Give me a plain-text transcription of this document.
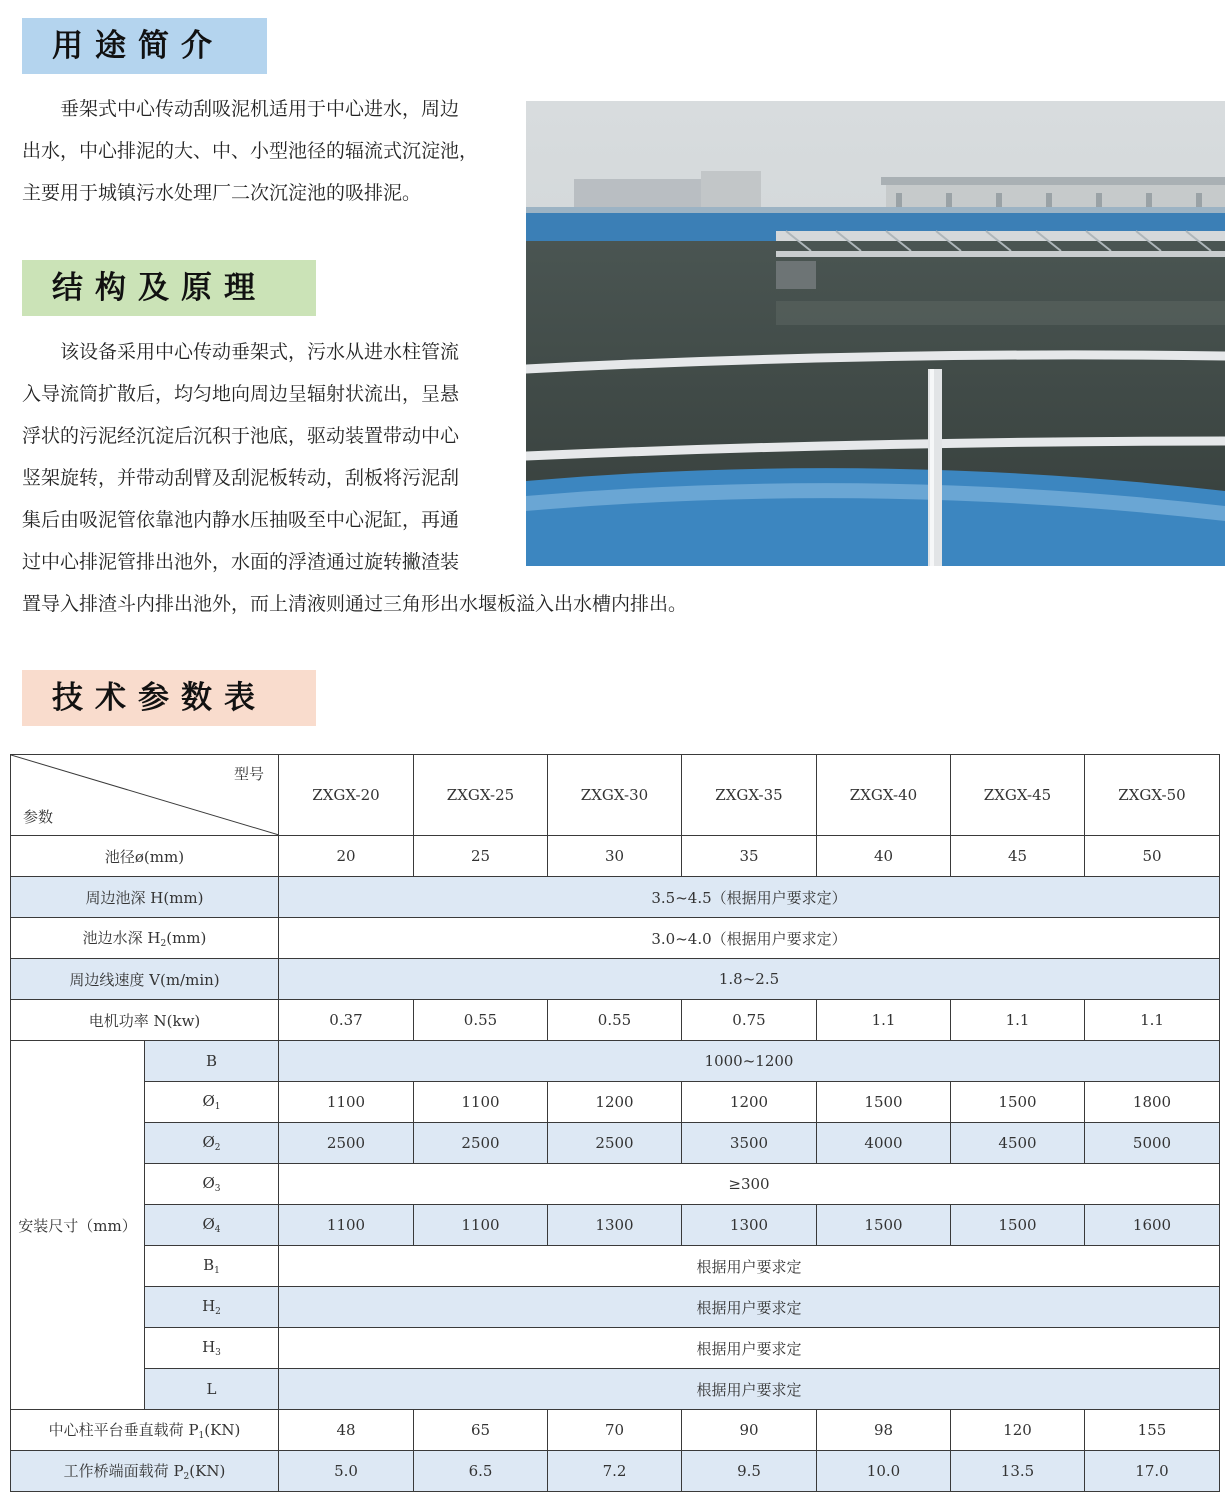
用途简介

　　垂架式中心传动刮吸泥机适用于中心进水，周边
出水，中心排泥的大、中、小型池径的辐流式沉淀池，
主要用于城镇污水处理厂二次沉淀池的吸排泥。

结构及原理

　　该设备采用中心传动垂架式，污水从进水柱管流
入导流筒扩散后，均匀地向周边呈辐射状流出，呈悬
浮状的污泥经沉淀后沉积于池底，驱动装置带动中心
竖架旋转，并带动刮臂及刮泥板转动，刮板将污泥刮
集后由吸泥管依靠池内静水压抽吸至中心泥缸，再通
过中心排泥管排出池外，水面的浮渣通过旋转撇渣装
置导入排渣斗内排出池外，而上清液则通过三角形出水堰板溢入出水槽内排出。

技术参数表
型号
参数		ZXGX-20	ZXGX-25	ZXGX-30	ZXGX-35	ZXGX-40	ZXGX-45	ZXGX-50
池径ø(mm)		20	25	30	35	40	45	50
周边池深 H(mm)		3.5~4.5（根据用户要求定）						
池边水深 $H_2(mm)$		3.0~4.0（根据用户要求定）						
周边线速度 V(m/min)		1.8~2.5						
电机功率 N(kw)		0.37	0.55	0.55	0.75	1.1	1.1	1.1
安装尺寸（mm）	B	1000~1200						
	$Ø_1$	1100	1100	1200	1200	1500	1500	1800
	$Ø_2$	2500	2500	2500	3500	4000	4500	5000
	$Ø_3$	≥300						
	$Ø_4$	1100	1100	1300	1300	1500	1500	1600
	$B_1$	根据用户要求定						
	$H_2$	根据用户要求定						
	$H_3$	根据用户要求定						
	L	根据用户要求定						
中心柱平台垂直载荷 $P_1(KN)$		48	65	70	90	98	120	155
工作桥端面载荷 $P_2(KN)$		5.0	6.5	7.2	9.5	10.0	13.5	17.0
